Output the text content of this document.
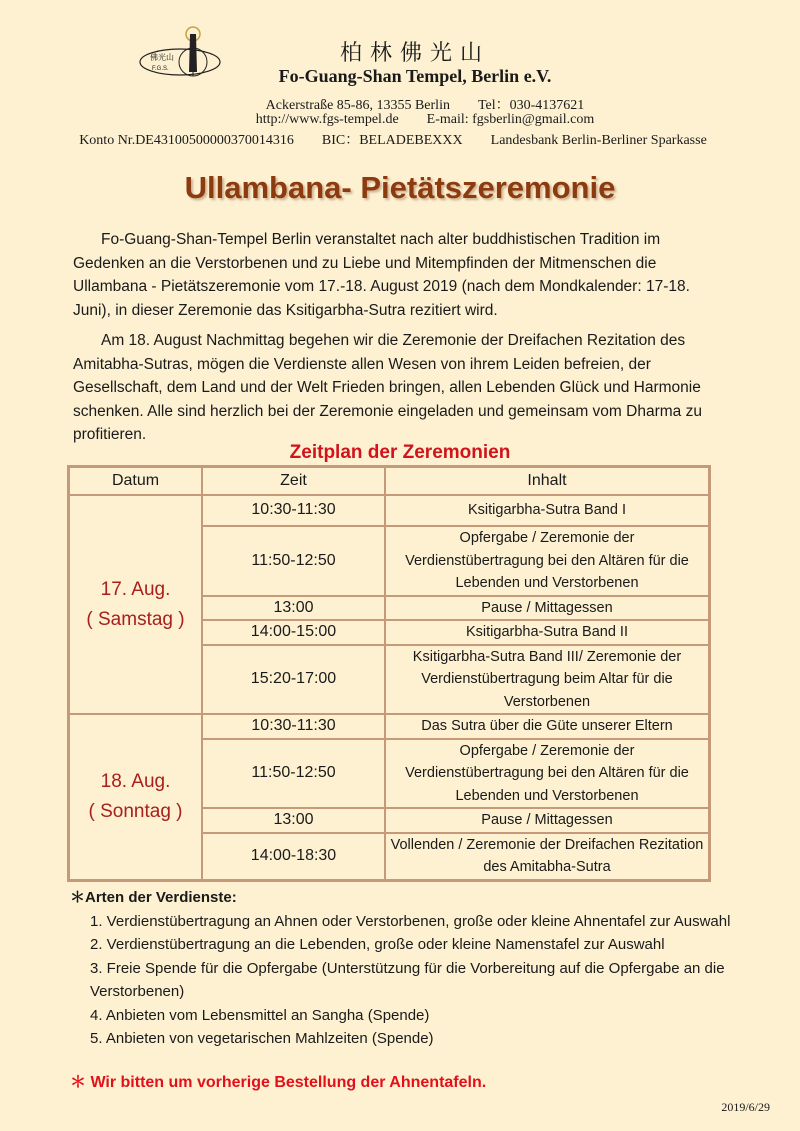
佛光山
F.G.S.
柏林佛光山
Fo-Guang-Shan Tempel, Berlin e.V.
Ackerstraße 85-86, 13355 Berlin Tel：030-4137621
http://www.fgs-tempel.de E-mail: fgsberlin@gmail.com
Konto Nr.DE43100500000370014316 BIC：BELADEBEXXX Landesbank Berlin-Berliner Sparkasse
Ullambana- Pietätszeremonie
Fo-Guang-Shan-Tempel Berlin veranstaltet nach alter buddhistischen Tradition im Gedenken an die Verstorbenen und zu Liebe und Mitempfinden der Mitmenschen die Ullambana - Pietätszeremonie vom 17.-18. August 2019 (nach dem Mondkalender: 17-18. Juni), in dieser Zeremonie das Ksitigarbha-Sutra rezitiert wird.
Am 18. August Nachmittag begehen wir die Zeremonie der Dreifachen Rezitation des Amitabha-Sutras, mögen die Verdienste allen Wesen von ihrem Leiden befreien, der Gesellschaft, dem Land und der Welt Frieden bringen, allen Lebenden Glück und Harmonie schenken. Alle sind herzlich bei der Zeremonie eingeladen und gemeinsam vom Dharma zu profitieren.
Zeitplan der Zeremonien
Datum	Zeit	Inhalt

17. Aug.
( Samstag )	10:30-11:30	Ksitigarbha-Sutra Band I
	11:50-12:50	Opfergabe / Zeremonie der Verdienstübertragung bei den Altären für die Lebenden und Verstorbenen
	13:00	Pause / Mittagessen
	14:00-15:00	Ksitigarbha-Sutra Band II
	15:20-17:00	Ksitigarbha-Sutra Band III/ Zeremonie der Verdienstübertragung beim Altar für die Verstorbenen

18. Aug.
( Sonntag )	10:30-11:30	Das Sutra über die Güte unserer Eltern
	11:50-12:50	Opfergabe / Zeremonie der Verdienstübertragung bei den Altären für die Lebenden und Verstorbenen
	13:00	Pause / Mittagessen
	14:00-18:30	Vollenden / Zeremonie der Dreifachen Rezitation des Amitabha-Sutra
＊Arten der Verdienste:
1. Verdienstübertragung an Ahnen oder Verstorbenen, große oder kleine Ahnentafel zur Auswahl
2. Verdienstübertragung an die Lebenden, große oder kleine Namenstafel zur Auswahl
3. Freie Spende für die Opfergabe (Unterstützung für die Vorbereitung auf die Opfergabe an die Verstorbenen)
4. Anbieten vom Lebensmittel an Sangha (Spende)
5. Anbieten von vegetarischen Mahlzeiten (Spende)
＊ Wir bitten um vorherige Bestellung der Ahnentafeln.
2019/6/29
